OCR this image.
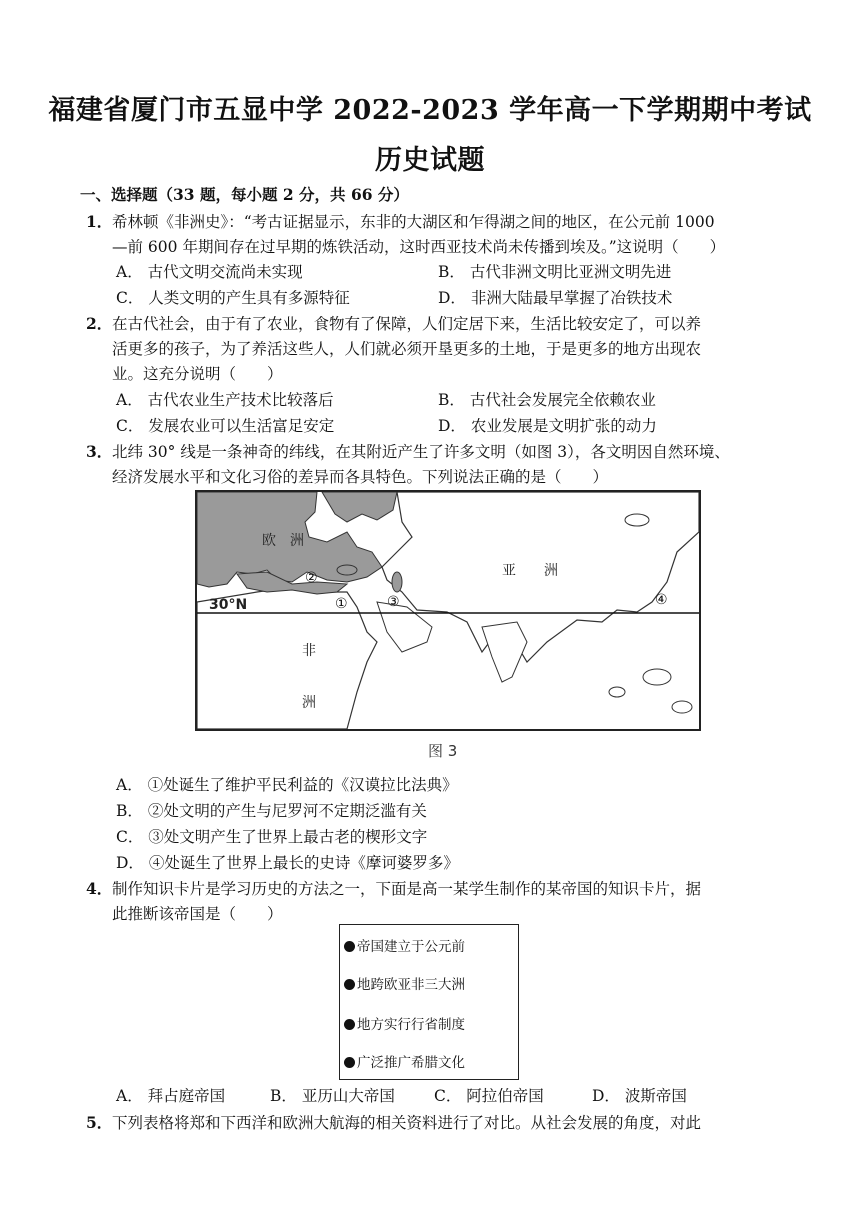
福建省厦门市五显中学 2022-2023 学年高一下学期期中考试
历史试题
一、选择题（33 题，每小题 2 分，共 66 分）
1． 希林顿《非洲史》：“考古证据显示，东非的大湖区和乍得湖之间的地区，在公元前 1000
—前 600 年期间存在过早期的炼铁活动，这时西亚技术尚未传播到埃及。”这说明（　　）
A． 古代文明交流尚未实现	B． 古代非洲文明比亚洲文明先进
C． 人类文明的产生具有多源特征	D． 非洲大陆最早掌握了冶铁技术
2． 在古代社会，由于有了农业，食物有了保障，人们定居下来，生活比较安定了，可以养
活更多的孩子，为了养活这些人，人们就必须开垦更多的土地，于是更多的地方出现农
业。这充分说明（　　）
A． 古代农业生产技术比较落后	B． 古代社会发展完全依赖农业
C． 发展农业可以生活富足安定	D． 农业发展是文明扩张的动力
3． 北纬 30° 线是一条神奇的纬线，在其附近产生了许多文明（如图 3），各文明因自然环境、
经济发展水平和文化习俗的差异而各具特色。下列说法正确的是（　　）
欧　洲
亚　　洲
非
洲
30°N	①
②
③	④
图 3
A． ①处诞生了维护平民利益的《汉谟拉比法典》
B． ②处文明的产生与尼罗河不定期泛滥有关
C． ③处文明产生了世界上最古老的楔形文字
D． ④处诞生了世界上最长的史诗《摩诃婆罗多》
4． 制作知识卡片是学习历史的方法之一，下面是高一某学生制作的某帝国的知识卡片，据
此推断该帝国是（　　）
帝国建立于公元前
地跨欧亚非三大洲
地方实行行省制度
广泛推广希腊文化
A． 拜占庭帝国	B． 亚历山大帝国	C． 阿拉伯帝国	D． 波斯帝国
5． 下列表格将郑和下西洋和欧洲大航海的相关资料进行了对比。从社会发展的角度，对此
